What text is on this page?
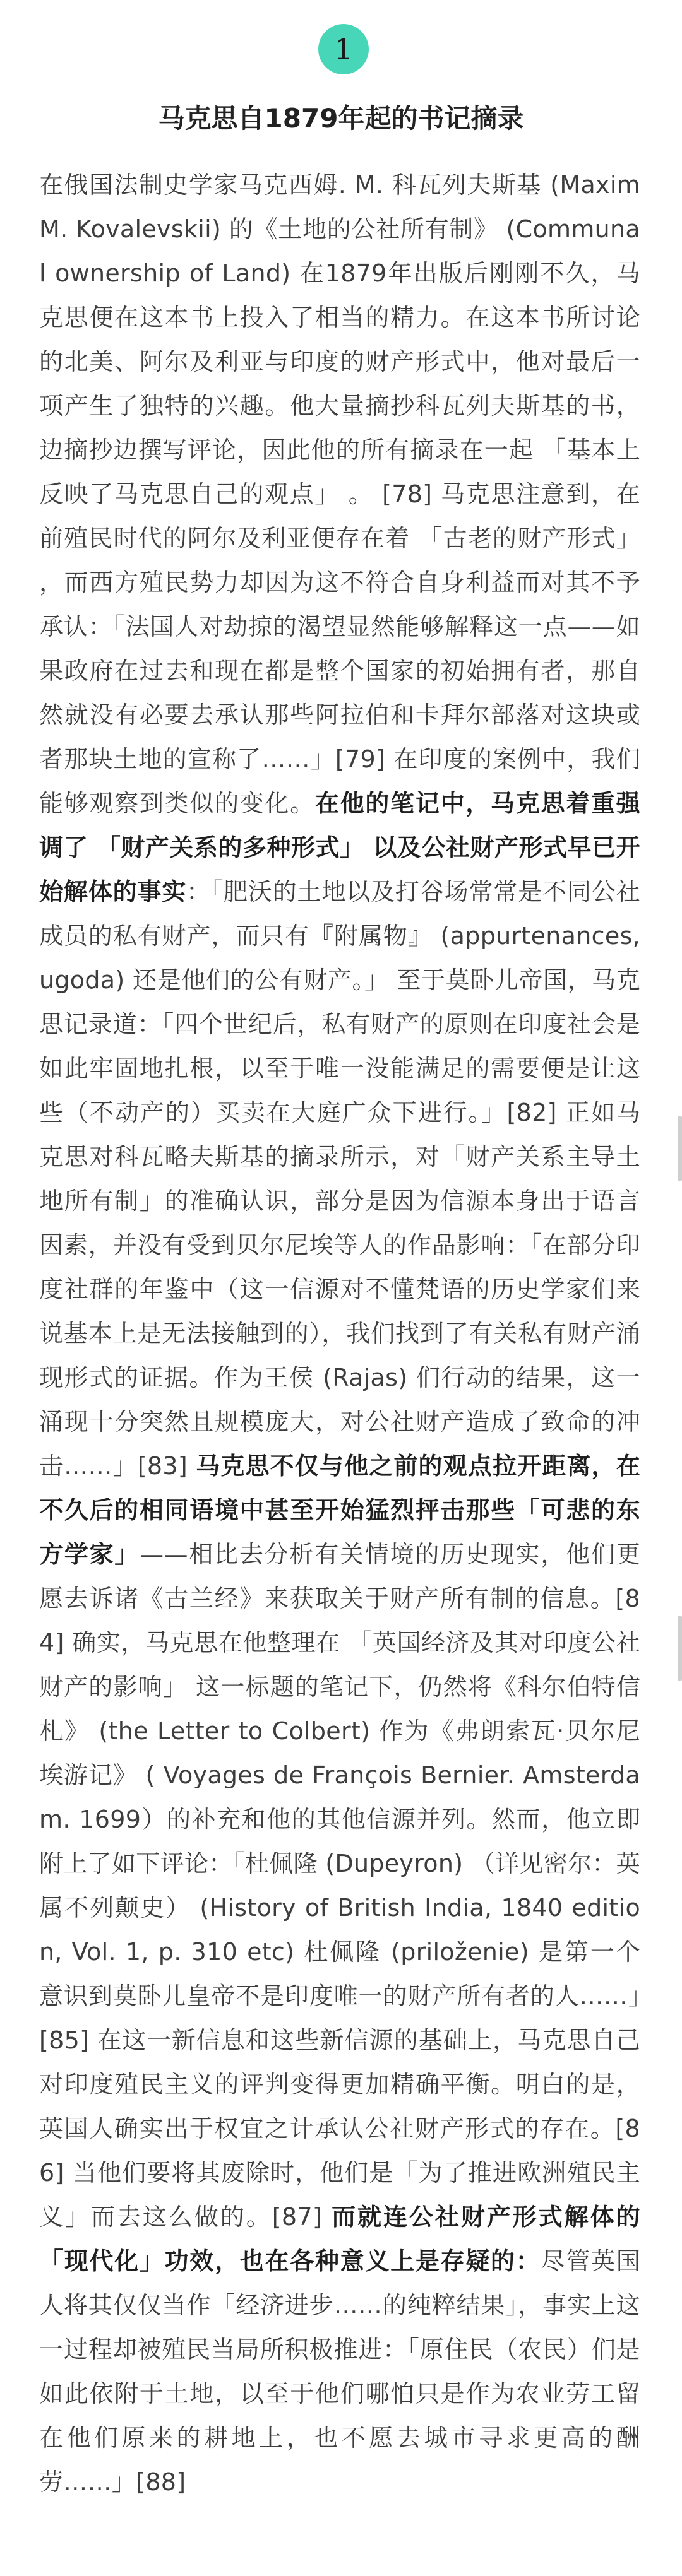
1
马克思自1879年起的书记摘录

在俄国法制史学家马克西姆. M. 科瓦列夫斯基 (Maxim M. Kovalevskii) 的《土地的公社所有制》 (Communal ownership of Land) 在1879年出版后刚刚不久，马克思便在这本书上投入了相当的精力。在这本书所讨论的北美、阿尔及利亚与印度的财产形式中，他对最后一项产生了独特的兴趣。他大量摘抄科瓦列夫斯基的书，边摘抄边撰写评论，因此他的所有摘录在一起 「基本上反映了马克思自己的观点」 。 [78] 马克思注意到，在前殖民时代的阿尔及利亚便存在着 「古老的财产形式」 ，而西方殖民势力却因为这不符合自身利益而对其不予承认：「法国人对劫掠的渴望显然能够解释这一点——如果政府在过去和现在都是整个国家的初始拥有者，那自然就没有必要去承认那些阿拉伯和卡拜尔部落对这块或者那块土地的宣称了……」[79] 在印度的案例中，我们能够观察到类似的变化。在他的笔记中，马克思着重强调了 「财产关系的多种形式」 以及公社财产形式早已开始解体的事实：「肥沃的土地以及打谷场常常是不同公社成员的私有财产，而只有『附属物』 (appurtenances, ugoda) 还是他们的公有财产。」 至于莫卧儿帝国，马克思记录道：「四个世纪后，私有财产的原则在印度社会是如此牢固地扎根，以至于唯一没能满足的需要便是让这些（不动产的）买卖在大庭广众下进行。」[82] 正如马克思对科瓦略夫斯基的摘录所示，对「财产关系主导土地所有制」的准确认识，部分是因为信源本身出于语言因素，并没有受到贝尔尼埃等人的作品影响：「在部分印度社群的年鉴中（这一信源对不懂梵语的历史学家们来说基本上是无法接触到的），我们找到了有关私有财产涌现形式的证据。作为王侯 (Rajas) 们行动的结果，这一涌现十分突然且规模庞大，对公社财产造成了致命的冲击……」[83] 马克思不仅与他之前的观点拉开距离，在不久后的相同语境中甚至开始猛烈抨击那些「可悲的东方学家」——相比去分析有关情境的历史现实，他们更愿去诉诸《古兰经》来获取关于财产所有制的信息。[84] 确实，马克思在他整理在 「英国经济及其对印度公社财产的影响」 这一标题的笔记下，仍然将《科尔伯特信札》 (the Letter to Colbert) 作为《弗朗索瓦·贝尔尼埃游记》 ( Voyages de François Bernier. Amsterdam. 1699）的补充和他的其他信源并列。然而，他立即附上了如下评论：「杜佩隆 (Dupeyron) （详见密尔：英属不列颠史） (History of British India, 1840 edition, Vol. 1, p. 310 etc) 杜佩隆 (priloženie) 是第一个意识到莫卧儿皇帝不是印度唯一的财产所有者的人……」[85] 在这一新信息和这些新信源的基础上，马克思自己对印度殖民主义的评判变得更加精确平衡。明白的是，英国人确实出于权宜之计承认公社财产形式的存在。[86] 当他们要将其废除时，他们是「为了推进欧洲殖民主义」而去这么做的。[87] 而就连公社财产形式解体的「现代化」功效，也在各种意义上是存疑的：尽管英国人将其仅仅当作「经济进步……的纯粹结果」，事实上这一过程却被殖民当局所积极推进：「原住民（农民）们是如此依附于土地，以至于他们哪怕只是作为农业劳工留在他们原来的耕地上，也不愿去城市寻求更高的酬劳……」[88]
